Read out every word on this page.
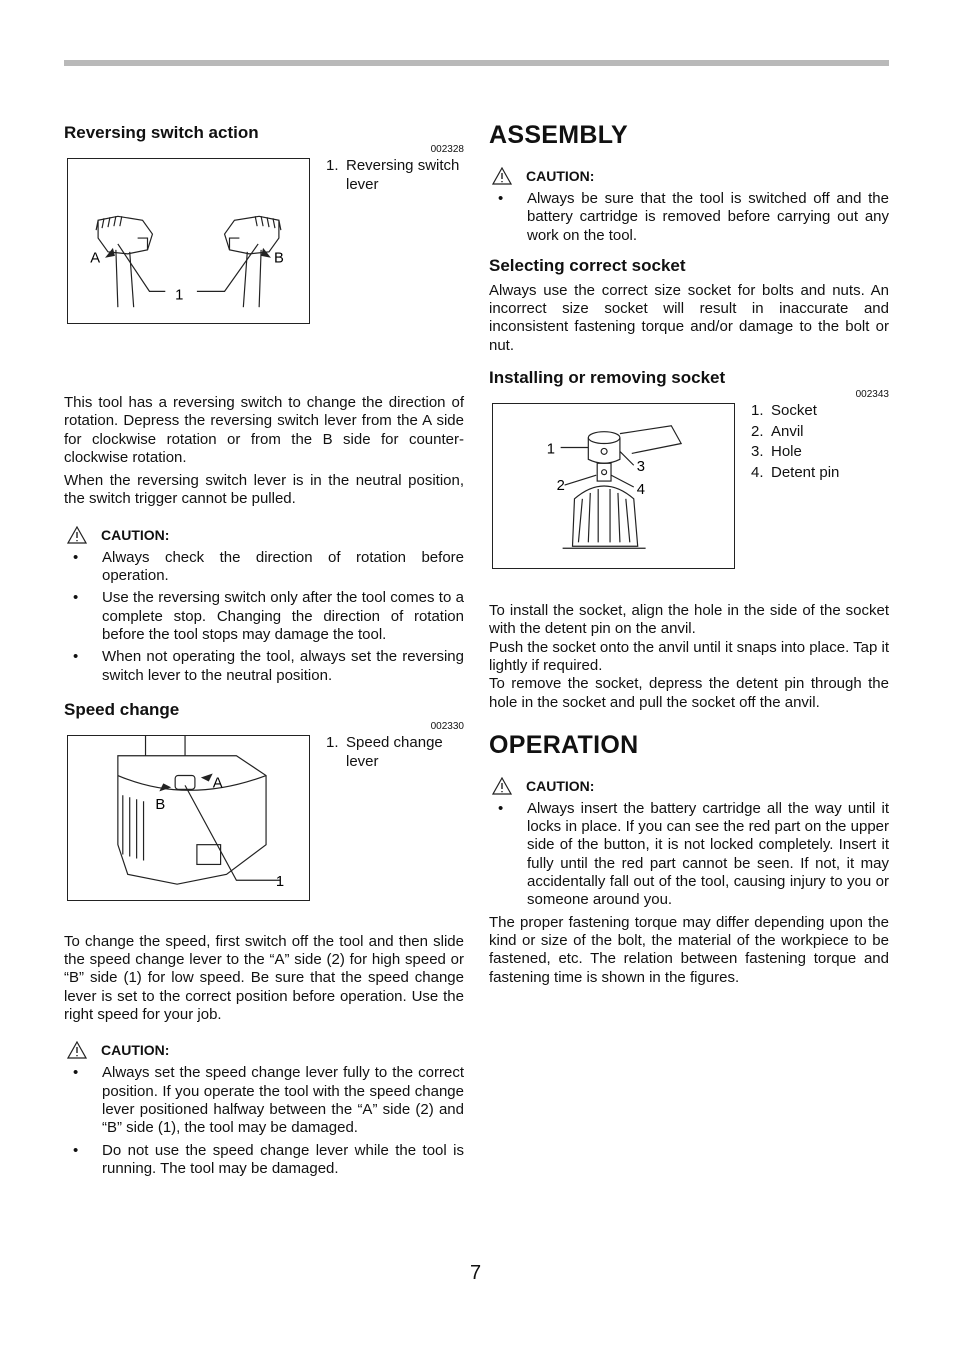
Reversing switch action
002328
A	B
1
1. Reversing switch lever

This tool has a reversing switch to change the direction of rotation. Depress the reversing switch lever from the A side for clockwise rotation or from the B side for counter-clockwise rotation.

When the reversing switch lever is in the neutral position, the switch trigger cannot be pulled.

CAUTION:
• Always check the direction of rotation before operation.
• Use the reversing switch only after the tool comes to a complete stop. Changing the direction of rotation before the tool stops may damage the tool.
• When not operating the tool, always set the reversing switch lever to the neutral position.
Speed change
002330
B
A
1
1. Speed change lever

To change the speed, first switch off the tool and then slide the speed change lever to the “A” side (2) for high speed or “B” side (1) for low speed. Be sure that the speed change lever is set to the correct position before operation. Use the right speed for your job.

CAUTION:
• Always set the speed change lever fully to the correct position. If you operate the tool with the speed change lever positioned halfway between the “A” side (2) and “B” side (1), the tool may be damaged.
• Do not use the speed change lever while the tool is running. The tool may be damaged.
ASSEMBLY
CAUTION:
• Always be sure that the tool is switched off and the battery cartridge is removed before carrying out any work on the tool.
Selecting correct socket

Always use the correct size socket for bolts and nuts. An incorrect size socket will result in inaccurate and inconsistent fastening torque and/or damage to the bolt or nut.

Installing or removing socket
002343
1
2
3
4
1. Socket
2. Anvil
3. Hole
4. Detent pin

To install the socket, align the hole in the side of the socket with the detent pin on the anvil.

Push the socket onto the anvil until it snaps into place. Tap it lightly if required.

To remove the socket, depress the detent pin through the hole in the socket and pull the socket off the anvil.

OPERATION
CAUTION:
• Always insert the battery cartridge all the way until it locks in place. If you can see the red part on the upper side of the button, it is not locked completely. Insert it fully until the red part cannot be seen. If not, it may accidentally fall out of the tool, causing injury to you or someone around you.

The proper fastening torque may differ depending upon the kind or size of the bolt, the material of the workpiece to be fastened, etc. The relation between fastening torque and fastening time is shown in the figures.

7
